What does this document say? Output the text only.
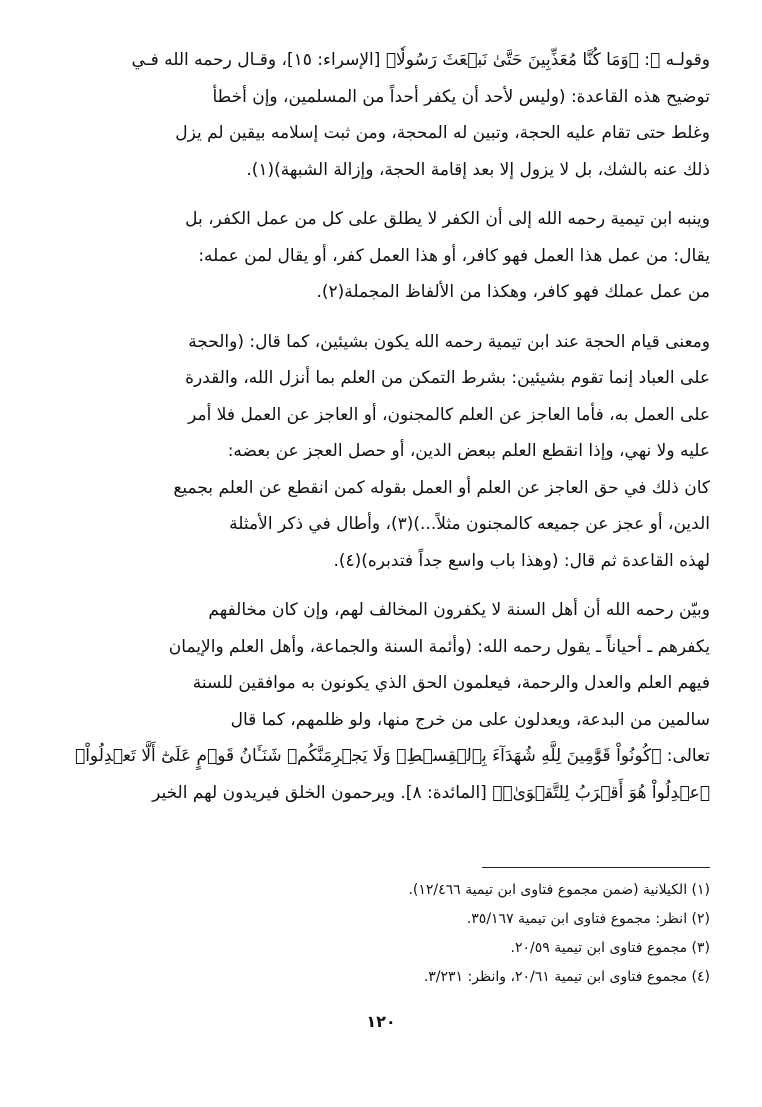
وقولـه ﷺ: ﴿وَمَا كُنَّا مُعَذِّبِينَ حَتَّىٰ نَبۡعَثَ رَسُولٗا﴾ [الإسراء: ١٥]، وقـال رحمه الله فـي
توضيح هذه القاعدة: (وليس لأحد أن يكفر أحداً من المسلمين، وإن أخطأ
وغلط حتى تقام عليه الحجة، وتبين له المحجة، ومن ثبت إسلامه بيقين لم يزل
ذلك عنه بالشك، بل لا يزول إلا بعد إقامة الحجة، وإزالة الشبهة)(١).

وينبه ابن تيمية رحمه الله إلى أن الكفر لا يطلق على كل من عمل الكفر، بل
يقال: من عمل هذا العمل فهو كافر، أو هذا العمل كفر، أو يقال لمن عمله:
من عمل عملك فهو كافر، وهكذا من الألفاظ المجملة(٢).

ومعنى قيام الحجة عند ابن تيمية رحمه الله يكون بشيئين، كما قال: (والحجة
على العباد إنما تقوم بشيئين: بشرط التمكن من العلم بما أنزل الله، والقدرة
على العمل به، فأما العاجز عن العلم كالمجنون، أو العاجز عن العمل فلا أمر
عليه ولا نهي، وإذا انقطع العلم ببعض الدين، أو حصل العجز عن بعضه:
كان ذلك في حق العاجز عن العلم أو العمل بقوله كمن انقطع عن العلم بجميع
الدين، أو عجز عن جميعه كالمجنون مثلاً...)(٣)، وأطال في ذكر الأمثلة
لهذه القاعدة ثم قال: (وهذا باب واسع جداً فتدبره)(٤).

وبيّن رحمه الله أن أهل السنة لا يكفرون المخالف لهم، وإن كان مخالفهم
يكفرهم ـ أحياناً ـ يقول رحمه الله: (وأئمة السنة والجماعة، وأهل العلم والإيمان
فيهم العلم والعدل والرحمة، فيعلمون الحق الذي يكونون به موافقين للسنة
سالمين من البدعة، ويعدلون على من خرج منها، ولو ظلمهم، كما قال
تعالى: ﴿كُونُواْ قَوَّٰمِينَ لِلَّهِ شُهَدَآءَ بِٱلۡقِسۡطِۖ وَلَا يَجۡرِمَنَّكُمۡ شَنَـَٔانُ قَوۡمٍ عَلَىٰٓ أَلَّا تَعۡدِلُواْۚ
ٱعۡدِلُواْ هُوَ أَقۡرَبُ لِلتَّقۡوَىٰۖ﴾ [المائدة: ٨]. ويرحمون الخلق فيريدون لهم الخير

(١) الكيلانية (ضمن مجموع فتاوى ابن تيمية ١٢/٤٦٦).
(٢) انظر: مجموع فتاوى ابن تيمية ٣٥/١٦٧.
(٣) مجموع فتاوى ابن تيمية ٢٠/٥٩.
(٤) مجموع فتاوى ابن تيمية ٢٠/٦١، وانظر: ٣/٢٣١.
١٢٠
